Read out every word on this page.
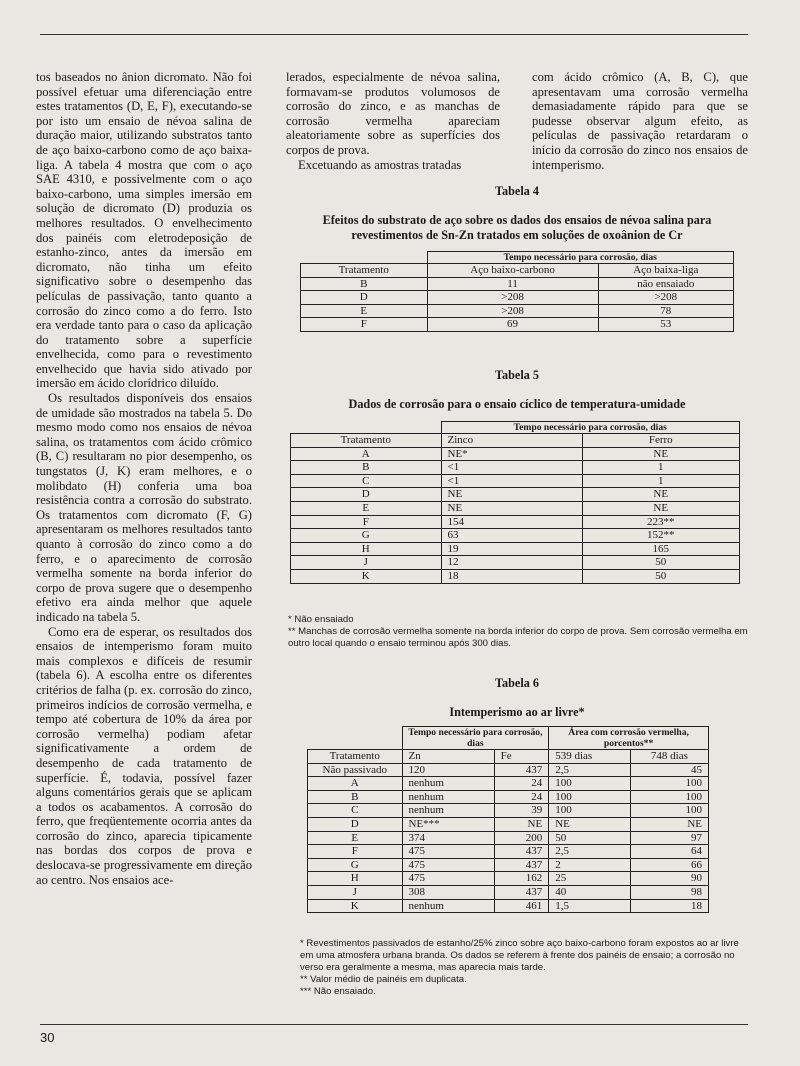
tos baseados no ânion dicromato. Não foi possível efetuar uma diferenciação entre estes tratamentos (D, E, F), executando-se por isto um ensaio de névoa salina de duração maior, utilizando substratos tanto de aço baixo-carbono como de aço baixa-liga. A tabela 4 mostra que com o aço SAE 4310, e possivelmente com o aço baixo-carbono, uma simples imersão em solução de dicromato (D) produzia os melhores resultados. O envelhecimento dos painéis com eletrodeposição de estanho-zinco, antes da imersão em dicromato, não tinha um efeito significativo sobre o desempenho das películas de passivação, tanto quanto a corrosão do zinco como a do ferro. Isto era verdade tanto para o caso da aplicação do tratamento sobre a superfície envelhecida, como para o revestimento envelhecido que havia sido ativado por imersão em ácido clorídrico diluído.

Os resultados disponíveis dos ensaios de umidade são mostrados na tabela 5. Do mesmo modo como nos ensaios de névoa salina, os tratamentos com ácido crômico (B, C) resultaram no pior desempenho, os tungstatos (J, K) eram melhores, e o molibdato (H) conferia uma boa resistência contra a corrosão do substrato. Os tratamentos com dicromato (F, G) apresentaram os melhores resultados tanto quanto à corrosão do zinco como a do ferro, e o aparecimento de corrosão vermelha somente na borda inferior do corpo de prova sugere que o desempenho efetivo era ainda melhor que aquele indicado na tabela 5.

Como era de esperar, os resultados dos ensaios de intemperismo foram muito mais complexos e difíceis de resumir (tabela 6). A escolha entre os diferentes critérios de falha (p. ex. corrosão do zinco, primeiros indícios de corrosão vermelha, e tempo até cobertura de 10% da área por corrosão vermelha) podiam afetar significativamente a ordem de desempenho de cada tratamento de superfície. É, todavia, possível fazer alguns comentários gerais que se aplicam a todos os acabamentos. A corrosão do ferro, que freqüentemente ocorria antes da corrosão do zinco, aparecia tipicamente nas bordas dos corpos de prova e deslocava-se progressivamente em direção ao centro. Nos ensaios ace-

lerados, especialmente de névoa salina, formavam-se produtos volumosos de corrosão do zinco, e as manchas de corrosão vermelha apareciam aleatoriamente sobre as superfícies dos corpos de prova.

Excetuando as amostras tratadas

com ácido crômico (A, B, C), que apresentavam uma corrosão vermelha demasiadamente rápido para que se pudesse observar algum efeito, as películas de passivação retardaram o início da corrosão do zinco nos ensaios de intemperismo.

Tabela 4
Efeitos do substrato de aço sobre os dados dos ensaios de névoa salina para revestimentos de Sn-Zn tratados em soluções de oxoânion de Cr
	Tempo necessário para corrosão, dias	
Tratamento	Aço baixo-carbono	Aço baixa-liga
B	11	não ensaiado
D	>208	>208
E	>208	78
F	69	53
Tabela 5
Dados de corrosão para o ensaio cíclico de temperatura-umidade
	Tempo necessário para corrosão, dias	
Tratamento	Zinco	Ferro
A	NE*	NE
B	<1	1
C	<1	1
D	NE	NE
E	NE	NE
F	154	223**
G	63	152**
H	19	165
J	12	50
K	18	50
* Não ensaiado
** Manchas de corrosão vermelha somente na borda inferior do corpo de prova. Sem corrosão vermelha em outro local quando o ensaio terminou após 300 dias.
Tabela 6
Intemperismo ao ar livre*
	Tempo necessário para corrosão, dias		Área com corrosão vermelha, porcentos**	
Tratamento	Zn	Fe	539 dias	748 dias
Não passivado	120	437	2,5	45
A	nenhum	24	100	100
B	nenhum	24	100	100
C	nenhum	39	100	100
D	NE***	NE	NE	NE
E	374	200	50	97
F	475	437	2,5	64
G	475	437	2	66
H	475	162	25	90
J	308	437	40	98
K	nenhum	461	1,5	18
* Revestimentos passivados de estanho/25% zinco sobre aço baixo-carbono foram expostos ao ar livre em uma atmosfera urbana branda. Os dados se referem à frente dos painéis de ensaio; a corrosão no verso era geralmente a mesma, mas aparecia mais tarde.
** Valor médio de painéis em duplicata.
*** Não ensaiado.
30
